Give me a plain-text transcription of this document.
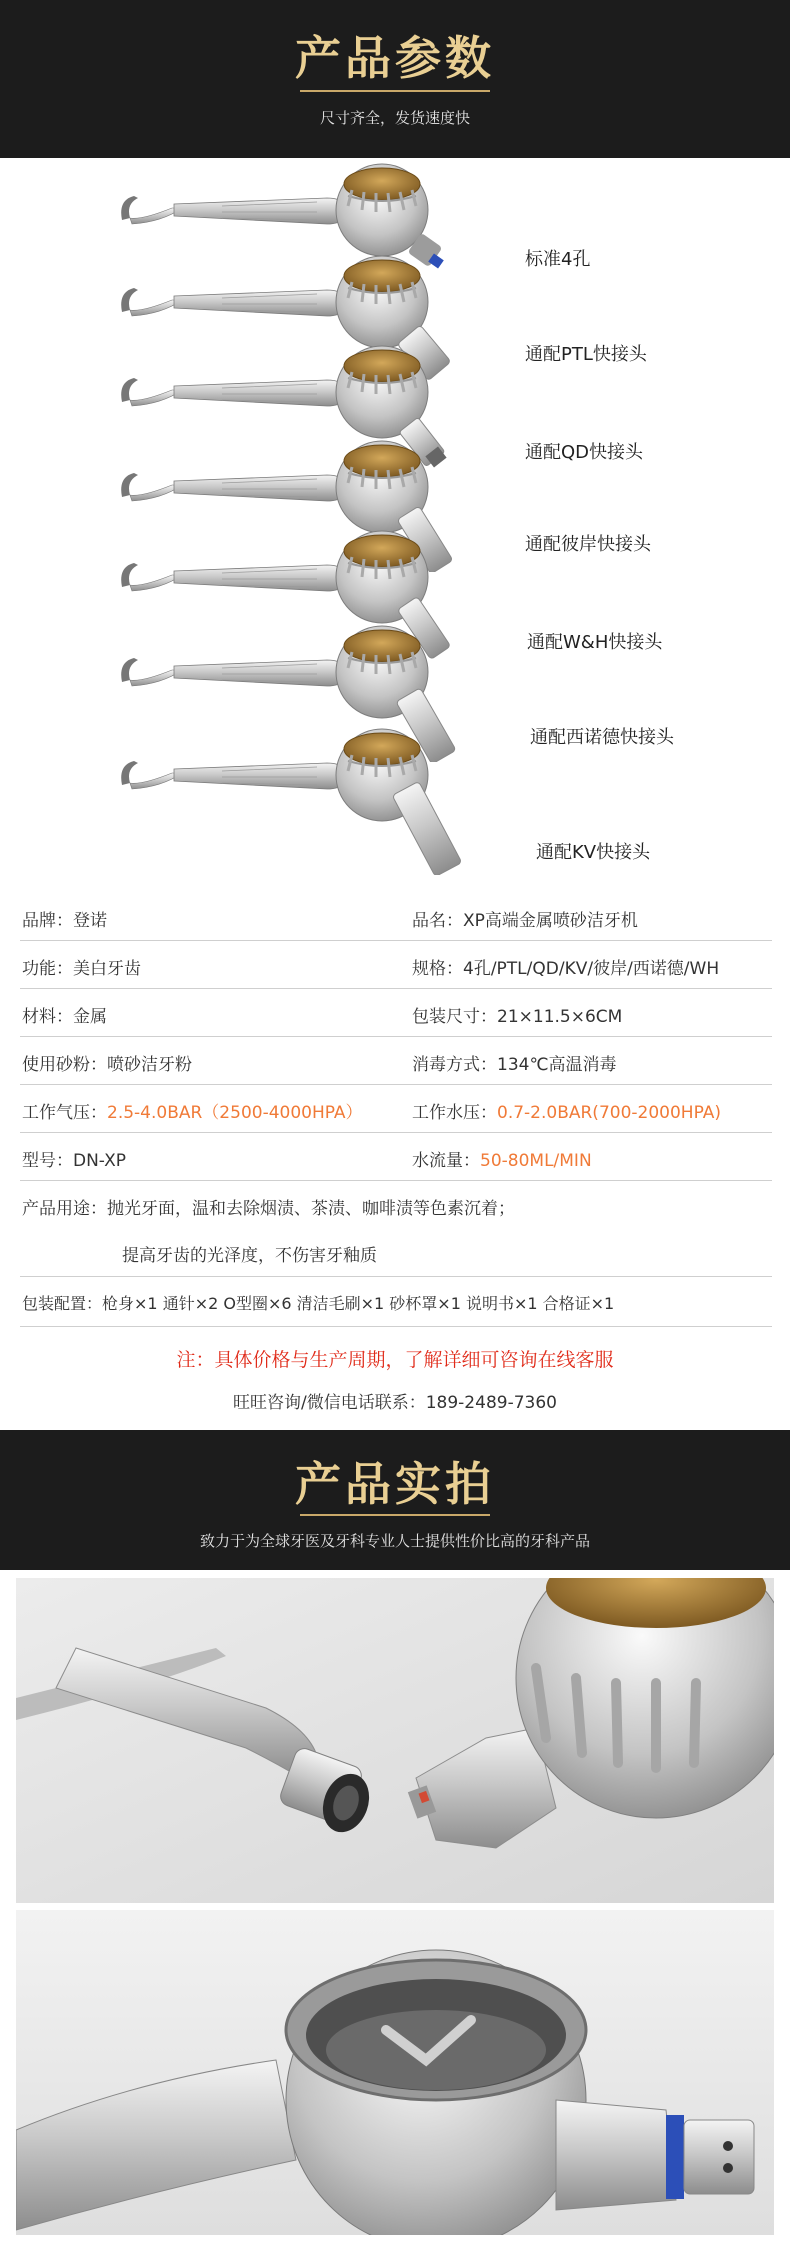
产品参数
尺寸齐全，发货速度快
标准4孔
通配PTL快接头
通配QD快接头
通配彼岸快接头
通配W&H快接头
通配西诺德快接头
通配KV快接头
品牌：登诺	品名：XP高端金属喷砂洁牙机
功能：美白牙齿	规格：4孔/PTL/QD/KV/彼岸/西诺德/WH
材料：金属	包装尺寸：21×11.5×6CM
使用砂粉：喷砂洁牙粉	消毒方式：134℃高温消毒
工作气压：2.5-4.0BAR（2500-4000HPA）	工作水压：0.7-2.0BAR(700-2000HPA)
型号：DN-XP	水流量：50-80ML/MIN
产品用途：抛光牙面，温和去除烟渍、茶渍、咖啡渍等色素沉着；
提高牙齿的光泽度，不伤害牙釉质
包装配置：枪身×1 通针×2 O型圈×6 清洁毛刷×1 砂杯罩×1 说明书×1 合格证×1
注：具体价格与生产周期，了解详细可咨询在线客服
旺旺咨询/微信电话联系：189-2489-7360
产品实拍
致力于为全球牙医及牙科专业人士提供性价比高的牙科产品
